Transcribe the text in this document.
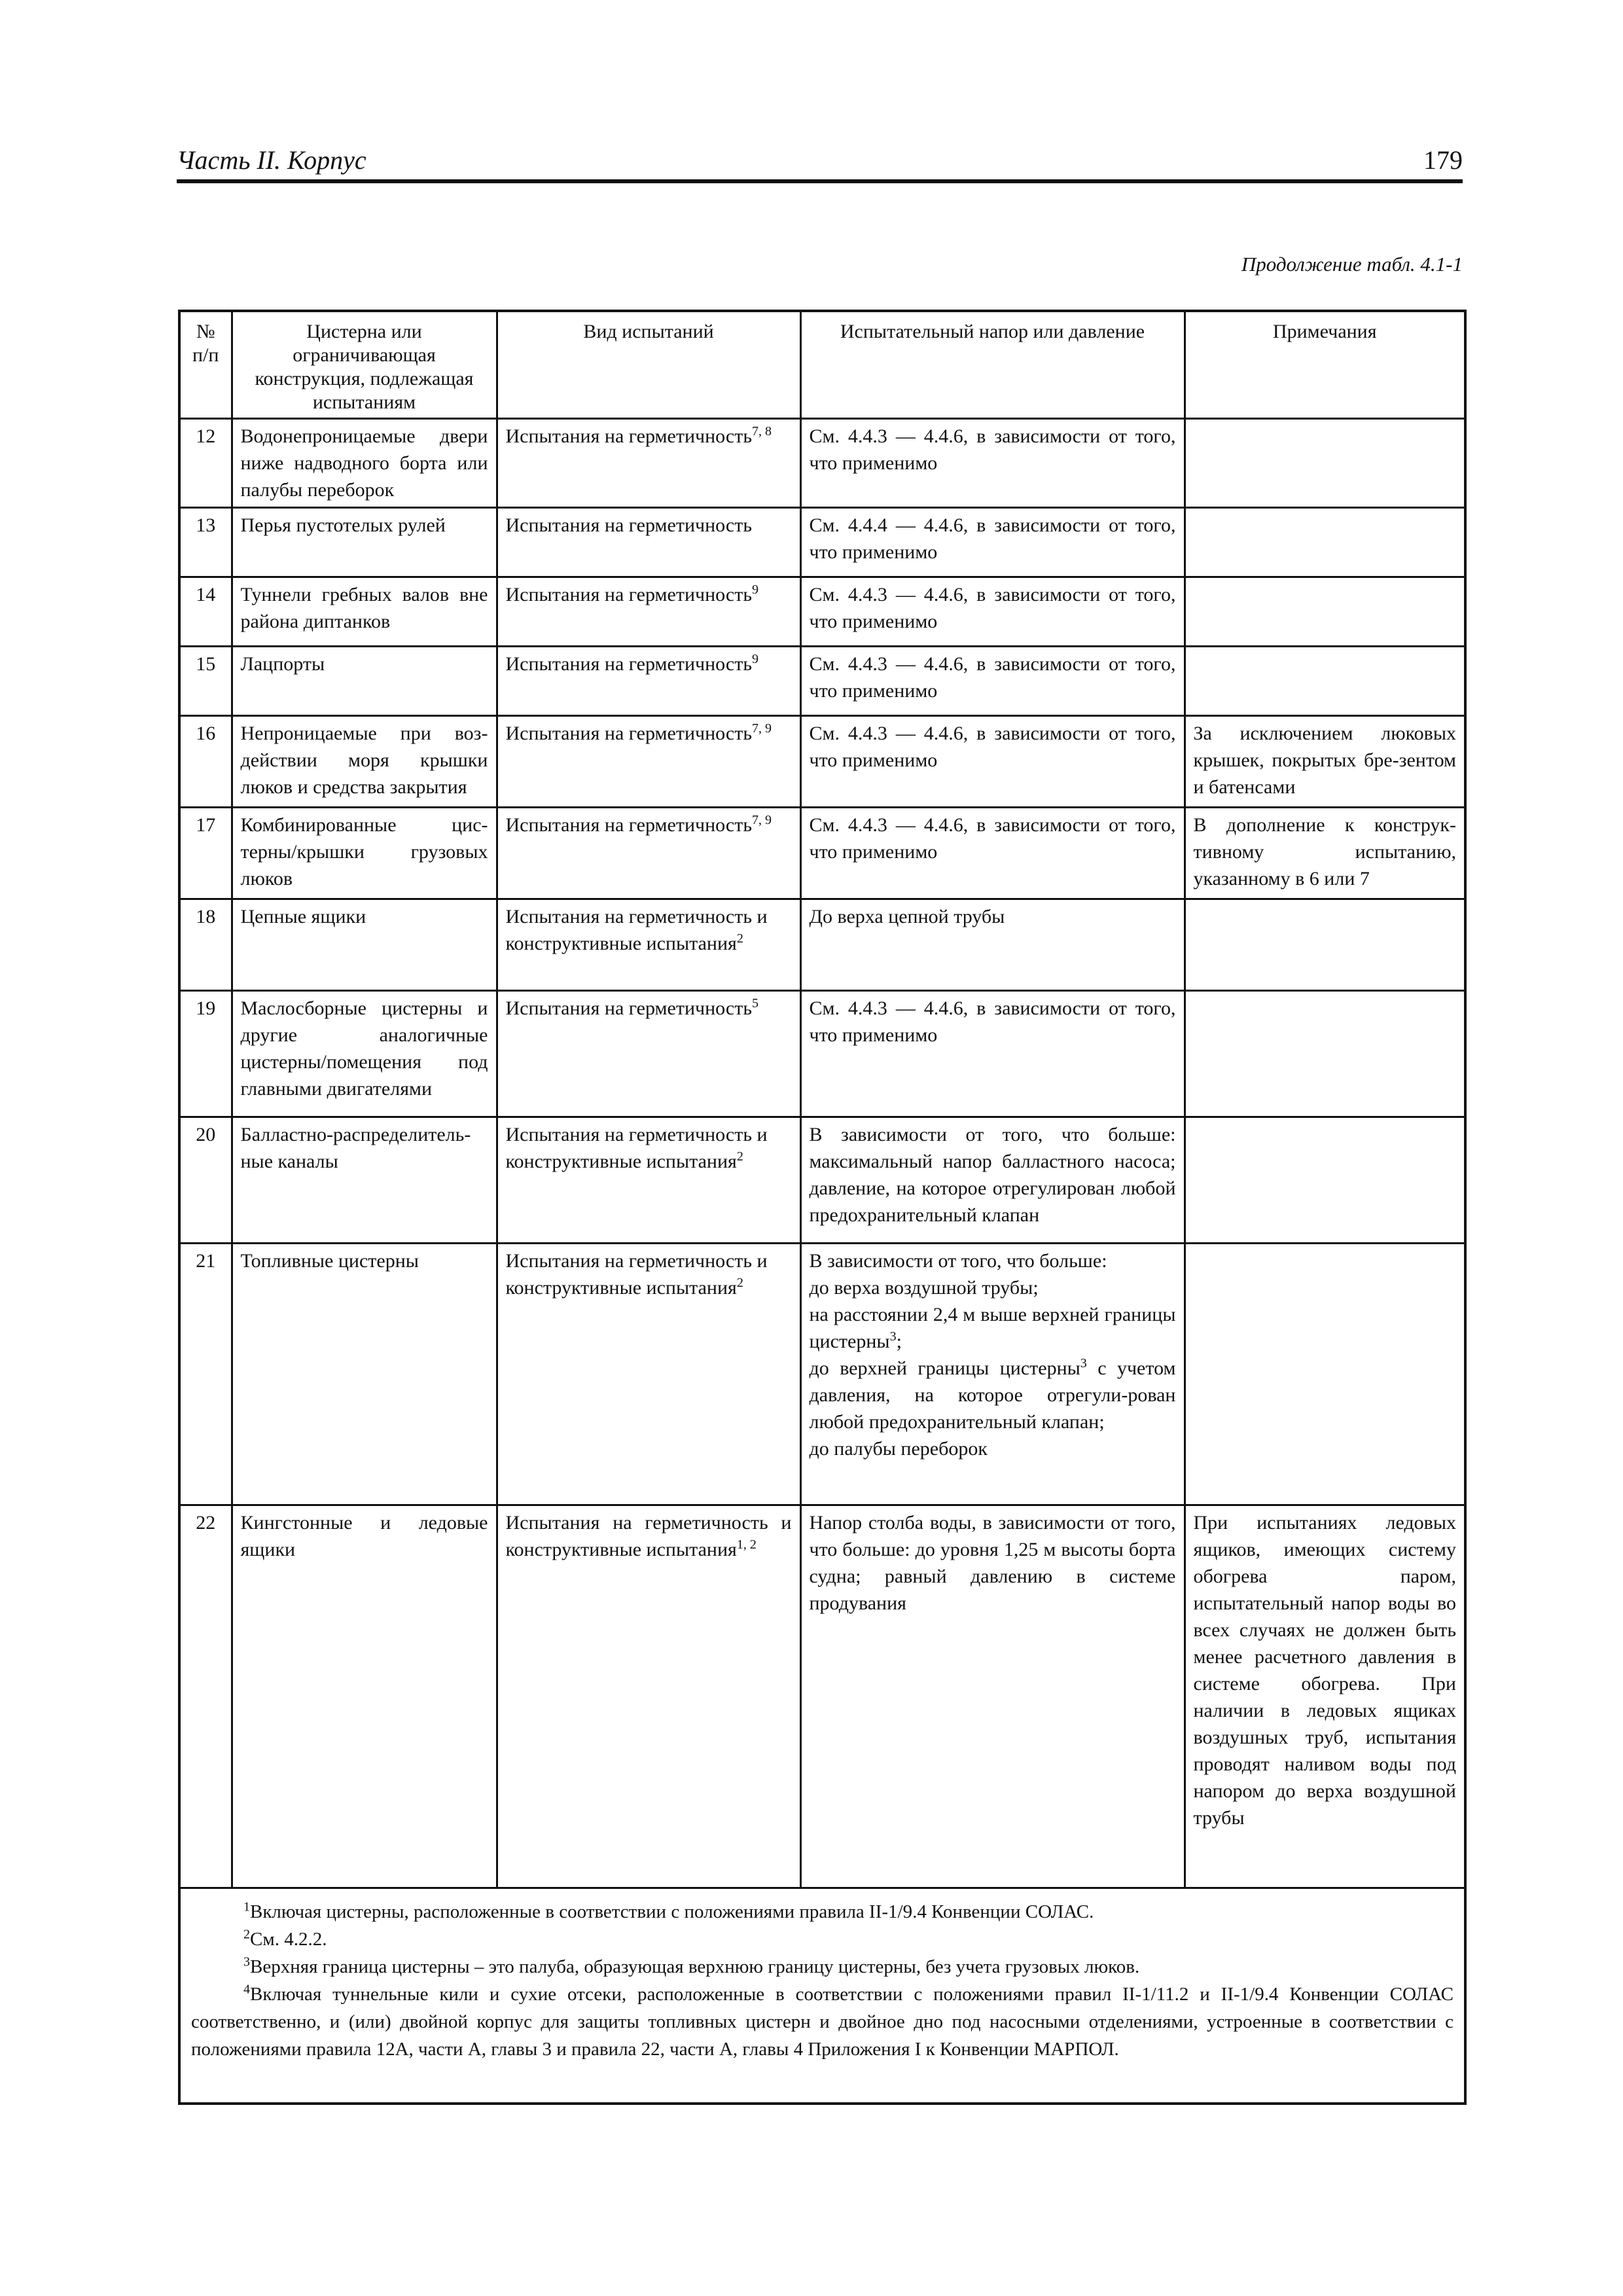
Часть II. Корпус	179
Продолжение табл. 4.1-1
№ п/п	Цистерна или ограничивающая конструкция, подлежащая испытаниям	Вид испытаний	Испытательный напор или давление	Примечания
12	Водонепроницаемые двери ниже надводного борта или палубы переборок	Испытания на герметичность$^{7, 8}$	См. 4.4.3 — 4.4.6, в зависимости от того, что применимо	
13	Перья пустотелых рулей	Испытания на герметичность	См. 4.4.4 — 4.4.6, в зависимости от того, что применимо	
14	Туннели гребных валов вне района диптанков	Испытания на герметичность$^9$	См. 4.4.3 — 4.4.6, в зависимости от того, что применимо	
15	Лацпорты	Испытания на герметичность$^9$	См. 4.4.3 — 4.4.6, в зависимости от того, что применимо	
16	Непроницаемые при воз-действии моря крышки люков и средства закрытия	Испытания на герметичность$^{7, 9}$	См. 4.4.3 — 4.4.6, в зависимости от того, что применимо	За исключением люковых крышек, покрытых бре-зентом и батенсами
17	Комбинированные цис-терны/крышки грузовых люков	Испытания на герметичность$^{7, 9}$	См. 4.4.3 — 4.4.6, в зависимости от того, что применимо	В дополнение к конструк-тивному испытанию, указанному в 6 или 7
18	Цепные ящики	Испытания на герметичность и конструктивные испытания$^2$	До верха цепной трубы	
19	Маслосборные цистерны и другие аналогичные цистерны/помещения под главными двигателями	Испытания на герметичность$^5$	См. 4.4.3 — 4.4.6, в зависимости от того, что применимо	
20	Балластно-распределитель-ные каналы	Испытания на герметичность и конструктивные испытания$^2$	В зависимости от того, что больше: максимальный напор балластного насоса; давление, на которое отрегулирован любой предохранительный клапан	
21	Топливные цистерны	Испытания на герметичность и конструктивные испытания$^2$	В зависимости от того, что больше:
до верха воздушной трубы;
на расстоянии 2,4 м выше верхней границы цистерны$^3$;
до верхней границы цистерны$^3$ с учетом давления, на которое отрегули-рован любой предохранительный клапан;
до палубы переборок	

22	Кингстонные и ледовые ящики	Испытания на герметичность и конструктивные испытания$^{1, 2}$	Напор столба воды, в зависимости от того, что больше: до уровня 1,25 м высоты борта судна; равный давлению в системе продувания	При испытаниях ледовых ящиков, имеющих систему обогрева паром, испытательный напор воды во всех случаях не должен быть менее расчетного давления в системе обогрева. При наличии в ледовых ящиках воздушных труб, испытания проводят наливом воды под напором до верха воздушной трубы

$^1$Включая цистерны, расположенные в соответствии с положениями правила II-1/9.4 Конвенции СОЛАС.
$^2$См. 4.2.2.
$^3$Верхняя граница цистерны – это палуба, образующая верхнюю границу цистерны, без учета грузовых люков.
$^4$Включая туннельные кили и сухие отсеки, расположенные в соответствии с положениями правил II-1/11.2 и II-1/9.4 Конвенции СОЛАС соответственно, и (или) двойной корпус для защиты топливных цистерн и двойное дно под насосными отделениями, устроенные в соответствии с положениями правила 12А, части А, главы 3 и правила 22, части А, главы 4 Приложения I к Конвенции МАРПОЛ.				
